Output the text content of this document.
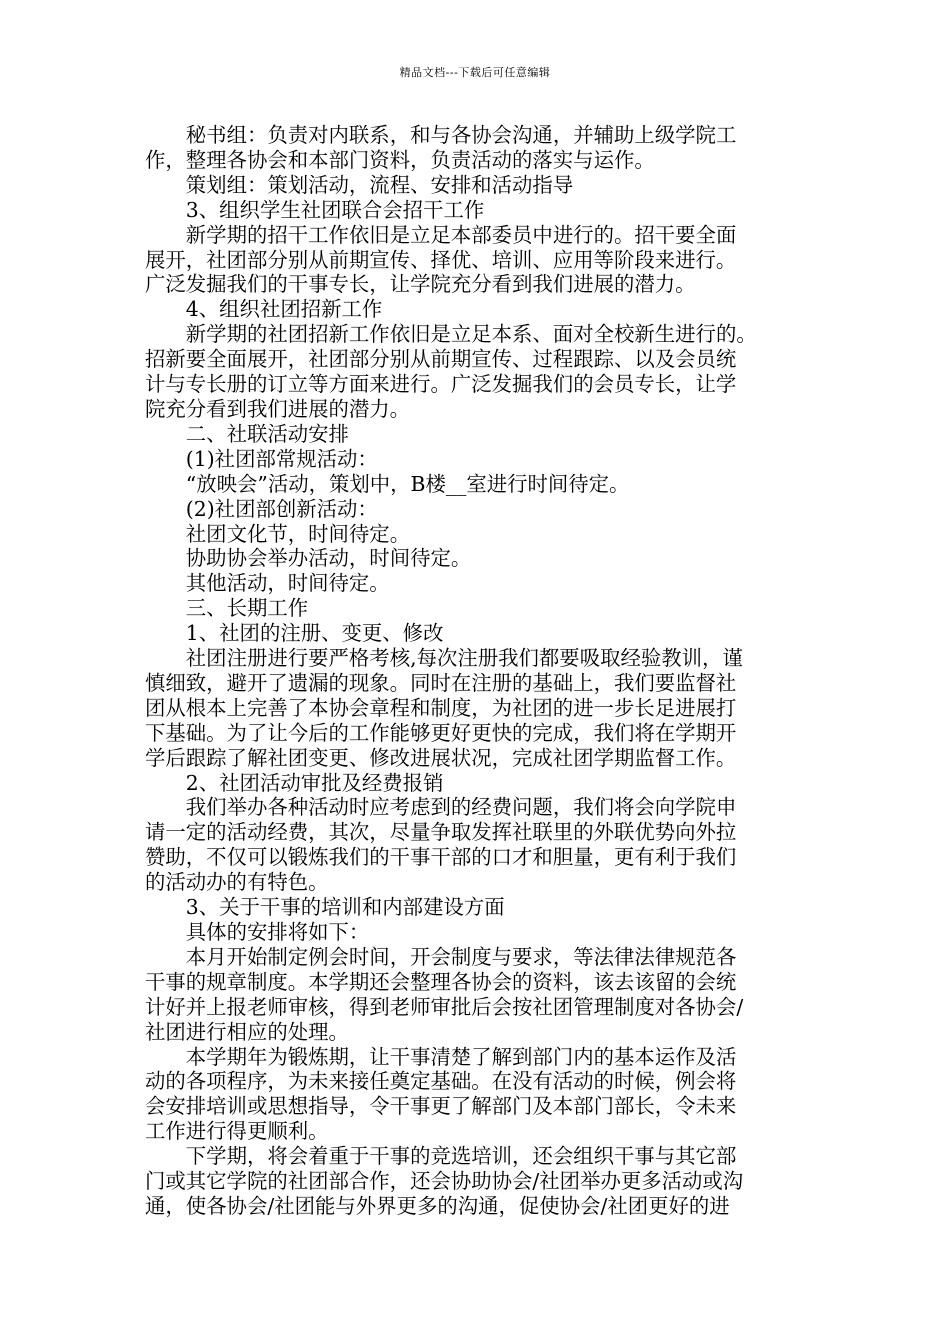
精品文档---下载后可任意编辑
秘书组：负责对内联系，和与各协会沟通，并辅助上级学院工
作，整理各协会和本部门资料，负责活动的落实与运作。
策划组：策划活动，流程、安排和活动指导
3、组织学生社团联合会招干工作
新学期的招干工作依旧是立足本部委员中进行的。招干要全面
展开，社团部分别从前期宣传、择优、培训、应用等阶段来进行。
广泛发掘我们的干事专长，让学院充分看到我们进展的潜力。
4、组织社团招新工作
新学期的社团招新工作依旧是立足本系、面对全校新生进行的。
招新要全面展开，社团部分别从前期宣传、过程跟踪、以及会员统
计与专长册的订立等方面来进行。广泛发掘我们的会员专长，让学
院充分看到我们进展的潜力。
二、社联活动安排
(1)社团部常规活动：
“放映会”活动，策划中，B楼__室进行时间待定。
(2)社团部创新活动：
社团文化节，时间待定。
协助协会举办活动，时间待定。
其他活动，时间待定。
三、长期工作
1、社团的注册、变更、修改
社团注册进行要严格考核,每次注册我们都要吸取经验教训，谨
慎细致，避开了遗漏的现象。同时在注册的基础上，我们要监督社
团从根本上完善了本协会章程和制度，为社团的进一步长足进展打
下基础。为了让今后的工作能够更好更快的完成，我们将在学期开
学后跟踪了解社团变更、修改进展状况，完成社团学期监督工作。
2、社团活动审批及经费报销
我们举办各种活动时应考虑到的经费问题，我们将会向学院申
请一定的活动经费，其次，尽量争取发挥社联里的外联优势向外拉
赞助，不仅可以锻炼我们的干事干部的口才和胆量，更有利于我们
的活动办的有特色。
3、关于干事的培训和内部建设方面
具体的安排将如下：
本月开始制定例会时间，开会制度与要求，等法律法律规范各
干事的规章制度。本学期还会整理各协会的资料，该去该留的会统
计好并上报老师审核，得到老师审批后会按社团管理制度对各协会/
社团进行相应的处理。
本学期年为锻炼期，让干事清楚了解到部门内的基本运作及活
动的各项程序，为未来接任奠定基础。在没有活动的时候，例会将
会安排培训或思想指导，令干事更了解部门及本部门部长，令未来
工作进行得更顺利。
下学期，将会着重于干事的竞选培训，还会组织干事与其它部
门或其它学院的社团部合作，还会协助协会/社团举办更多活动或沟
通，使各协会/社团能与外界更多的沟通，促使协会/社团更好的进
